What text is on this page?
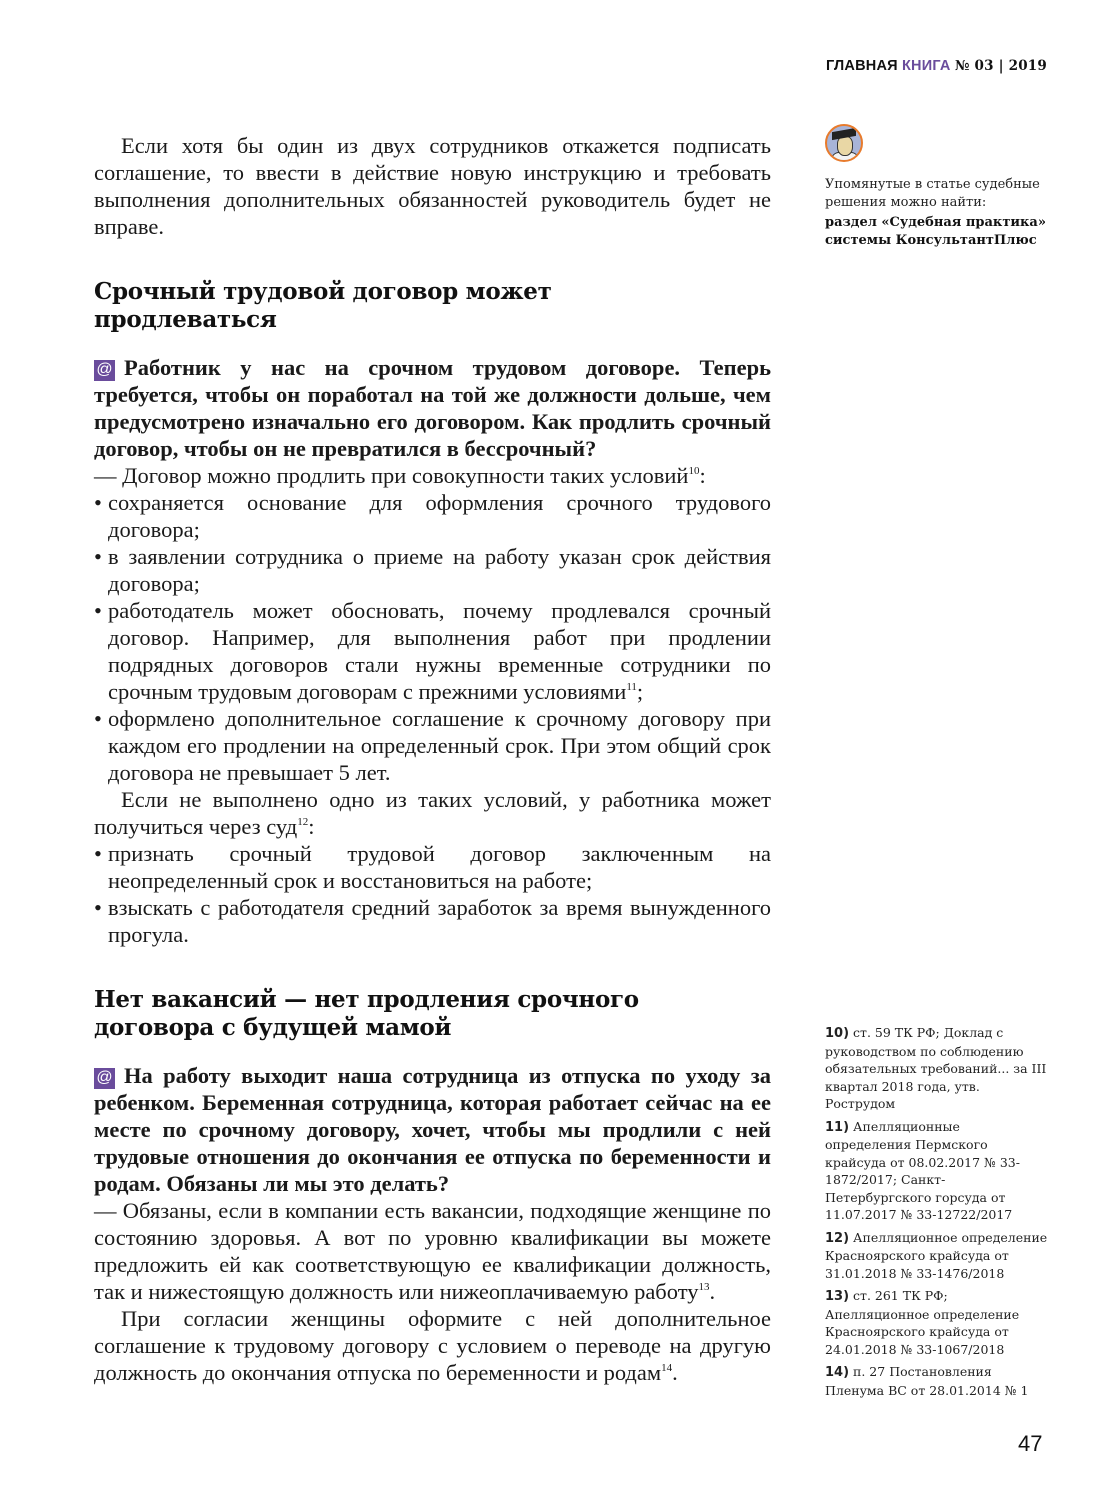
ГЛАВНАЯ КНИГА № 03 | 2019

Если хотя бы один из двух сотрудников откажется подписать соглашение, то ввести в действие новую инструкцию и требовать выполнения дополнительных обязанностей руководитель будет не вправе.

Срочный трудовой договор может
продлеваться

@ Работник у нас на срочном трудовом договоре. Теперь требуется, чтобы он поработал на той же должности дольше, чем предусмотрено изначально его договором. Как продлить срочный договор, чтобы он не превратился в бессрочный?

— Договор можно продлить при совокупности таких условий$^{10}$:

• сохраняется основание для оформления срочного трудового договора;
• в заявлении сотрудника о приеме на работу указан срок действия договора;
• работодатель может обосновать, почему продлевался срочный договор. Например, для выполнения работ при продлении подрядных договоров стали нужны временные сотрудники по срочным трудовым договорам с прежними условиями$^{11}$;
• оформлено дополнительное соглашение к срочному договору при каждом его продлении на определенный срок. При этом общий срок договора не превышает 5 лет.

Если не выполнено одно из таких условий, у работника может получиться через суд$^{12}$:

• признать срочный трудовой договор заключенным на неопределенный срок и восстановиться на работе;
• взыскать с работодателя средний заработок за время вынужденного прогула.
Нет вакансий — нет продления срочного
договора с будущей мамой

@ На работу выходит наша сотрудница из отпуска по уходу за ребенком. Беременная сотрудница, которая работает сейчас на ее месте по срочному договору, хочет, чтобы мы продлили с ней трудовые отношения до окончания ее отпуска по беременности и родам. Обязаны ли мы это делать?

— Обязаны, если в компании есть вакансии, подходящие женщине по состоянию здоровья. А вот по уровню квалификации вы можете предложить ей как соответствующую ее квалификации должность, так и нижестоящую должность или нижеоплачиваемую работу$^{13}$.

При согласии женщины оформите с ней дополнительное соглашение к трудовому договору с условием о переводе на другую должность до окончания отпуска по беременности и родам$^{14}$.

Упомянутые в статье судебные решения можно найти:

раздел «Судебная практика» системы КонсультантПлюс

10) ст. 59 ТК РФ; Доклад с руководством по соблюдению обязательных требований... за III квартал 2018 года, утв. Рострудом

11) Апелляционные определения Пермского крайсуда от 08.02.2017 № 33-1872/2017; Санкт-Петербургского горсуда от 11.07.2017 № 33-12722/2017

12) Апелляционное определение Красноярского крайсуда от 31.01.2018 № 33-1476/2018

13) ст. 261 ТК РФ; Апелляционное определение Красноярского крайсуда от 24.01.2018 № 33-1067/2018

14) п. 27 Постановления Пленума ВС от 28.01.2014 № 1

47
